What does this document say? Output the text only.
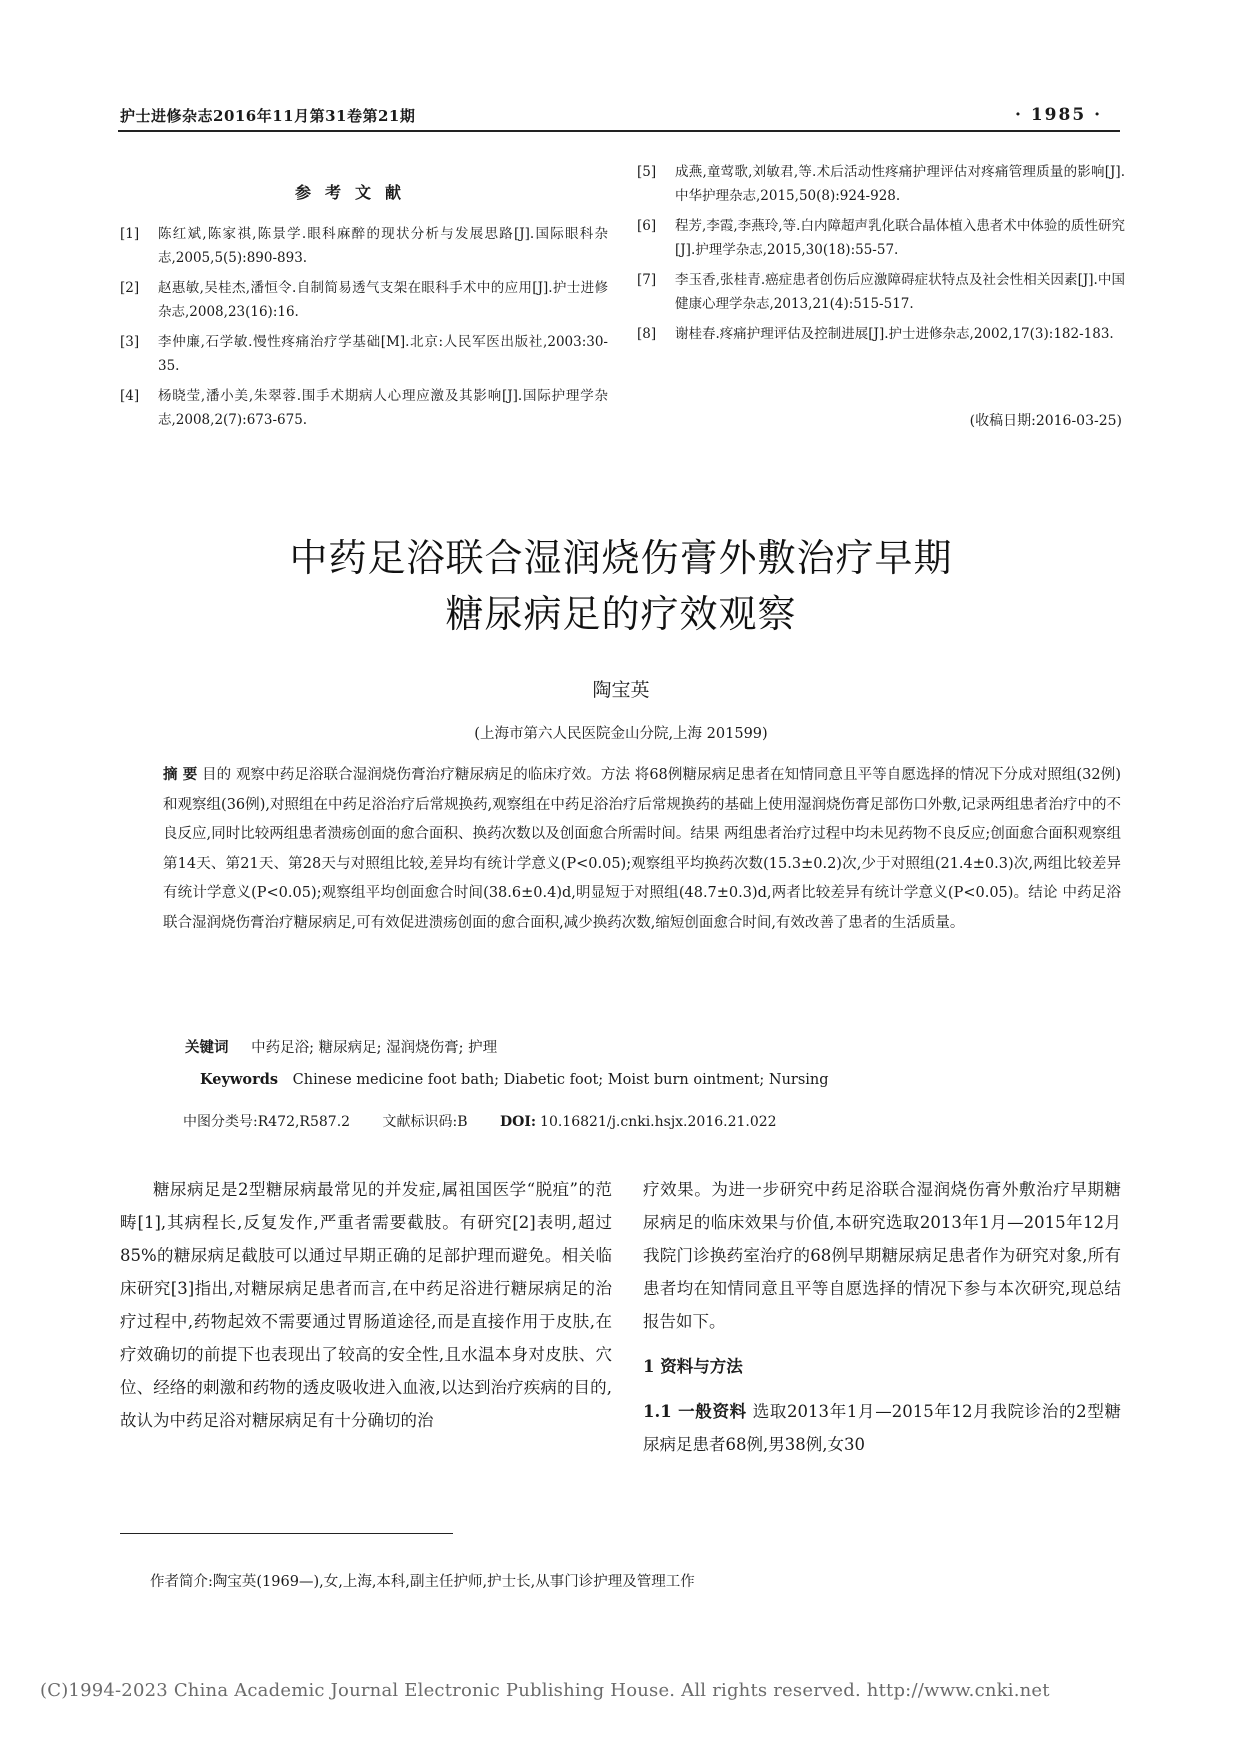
护士进修杂志2016年11月第31卷第21期	· 1985 ·
参考文献
[1]	陈红斌,陈家祺,陈景学.眼科麻醉的现状分析与发展思路[J].国际眼科杂志,2005,5(5):890-893.
[2]	赵惠敏,吴桂杰,潘恒令.自制简易透气支架在眼科手术中的应用[J].护士进修杂志,2008,23(16):16.
[3]	李仲廉,石学敏.慢性疼痛治疗学基础[M].北京:人民军医出版社,2003:30-35.
[4]	杨晓莹,潘小美,朱翠蓉.围手术期病人心理应激及其影响[J].国际护理学杂志,2008,2(7):673-675.
[5]	成燕,童莺歌,刘敏君,等.术后活动性疼痛护理评估对疼痛管理质量的影响[J].中华护理杂志,2015,50(8):924-928.
[6]	程芳,李霞,李燕玲,等.白内障超声乳化联合晶体植入患者术中体验的质性研究[J].护理学杂志,2015,30(18):55-57.
[7]	李玉香,张桂青.癌症患者创伤后应激障碍症状特点及社会性相关因素[J].中国健康心理学杂志,2013,21(4):515-517.
[8]	谢桂春.疼痛护理评估及控制进展[J].护士进修杂志,2002,17(3):182-183.
(收稿日期:2016-03-25)
中药足浴联合湿润烧伤膏外敷治疗早期
糖尿病足的疗效观察
陶宝英
(上海市第六人民医院金山分院,上海 201599)
摘 要 目的 观察中药足浴联合湿润烧伤膏治疗糖尿病足的临床疗效。方法 将68例糖尿病足患者在知情同意且平等自愿选择的情况下分成对照组(32例)和观察组(36例),对照组在中药足浴治疗后常规换药,观察组在中药足浴治疗后常规换药的基础上使用湿润烧伤膏足部伤口外敷,记录两组患者治疗中的不良反应,同时比较两组患者溃疡创面的愈合面积、换药次数以及创面愈合所需时间。结果 两组患者治疗过程中均未见药物不良反应;创面愈合面积观察组第14天、第21天、第28天与对照组比较,差异均有统计学意义(P<0.05);观察组平均换药次数(15.3±0.2)次,少于对照组(21.4±0.3)次,两组比较差异有统计学意义(P<0.05);观察组平均创面愈合时间(38.6±0.4)d,明显短于对照组(48.7±0.3)d,两者比较差异有统计学意义(P<0.05)。结论 中药足浴联合湿润烧伤膏治疗糖尿病足,可有效促进溃疡创面的愈合面积,减少换药次数,缩短创面愈合时间,有效改善了患者的生活质量。
关键词 中药足浴; 糖尿病足; 湿润烧伤膏; 护理
Keywords Chinese medicine foot bath; Diabetic foot; Moist burn ointment; Nursing
中图分类号:R472,R587.2 文献标识码:B DOI: 10.16821/j.cnki.hsjx.2016.21.022
糖尿病足是2型糖尿病最常见的并发症,属祖国医学“脱疽”的范畴[1],其病程长,反复发作,严重者需要截肢。有研究[2]表明,超过85%的糖尿病足截肢可以通过早期正确的足部护理而避免。相关临床研究[3]指出,对糖尿病足患者而言,在中药足浴进行糖尿病足的治疗过程中,药物起效不需要通过胃肠道途径,而是直接作用于皮肤,在疗效确切的前提下也表现出了较高的安全性,且水温本身对皮肤、穴位、经络的刺激和药物的透皮吸收进入血液,以达到治疗疾病的目的,故认为中药足浴对糖尿病足有十分确切的治
疗效果。为进一步研究中药足浴联合湿润烧伤膏外敷治疗早期糖尿病足的临床效果与价值,本研究选取2013年1月—2015年12月我院门诊换药室治疗的68例早期糖尿病足患者作为研究对象,所有患者均在知情同意且平等自愿选择的情况下参与本次研究,现总结报告如下。
1 资料与方法
1.1 一般资料 选取2013年1月—2015年12月我院诊治的2型糖尿病足患者68例,男38例,女30
作者简介:陶宝英(1969—),女,上海,本科,副主任护师,护士长,从事门诊护理及管理工作
(C)1994-2023 China Academic Journal Electronic Publishing House. All rights reserved. http://www.cnki.net
